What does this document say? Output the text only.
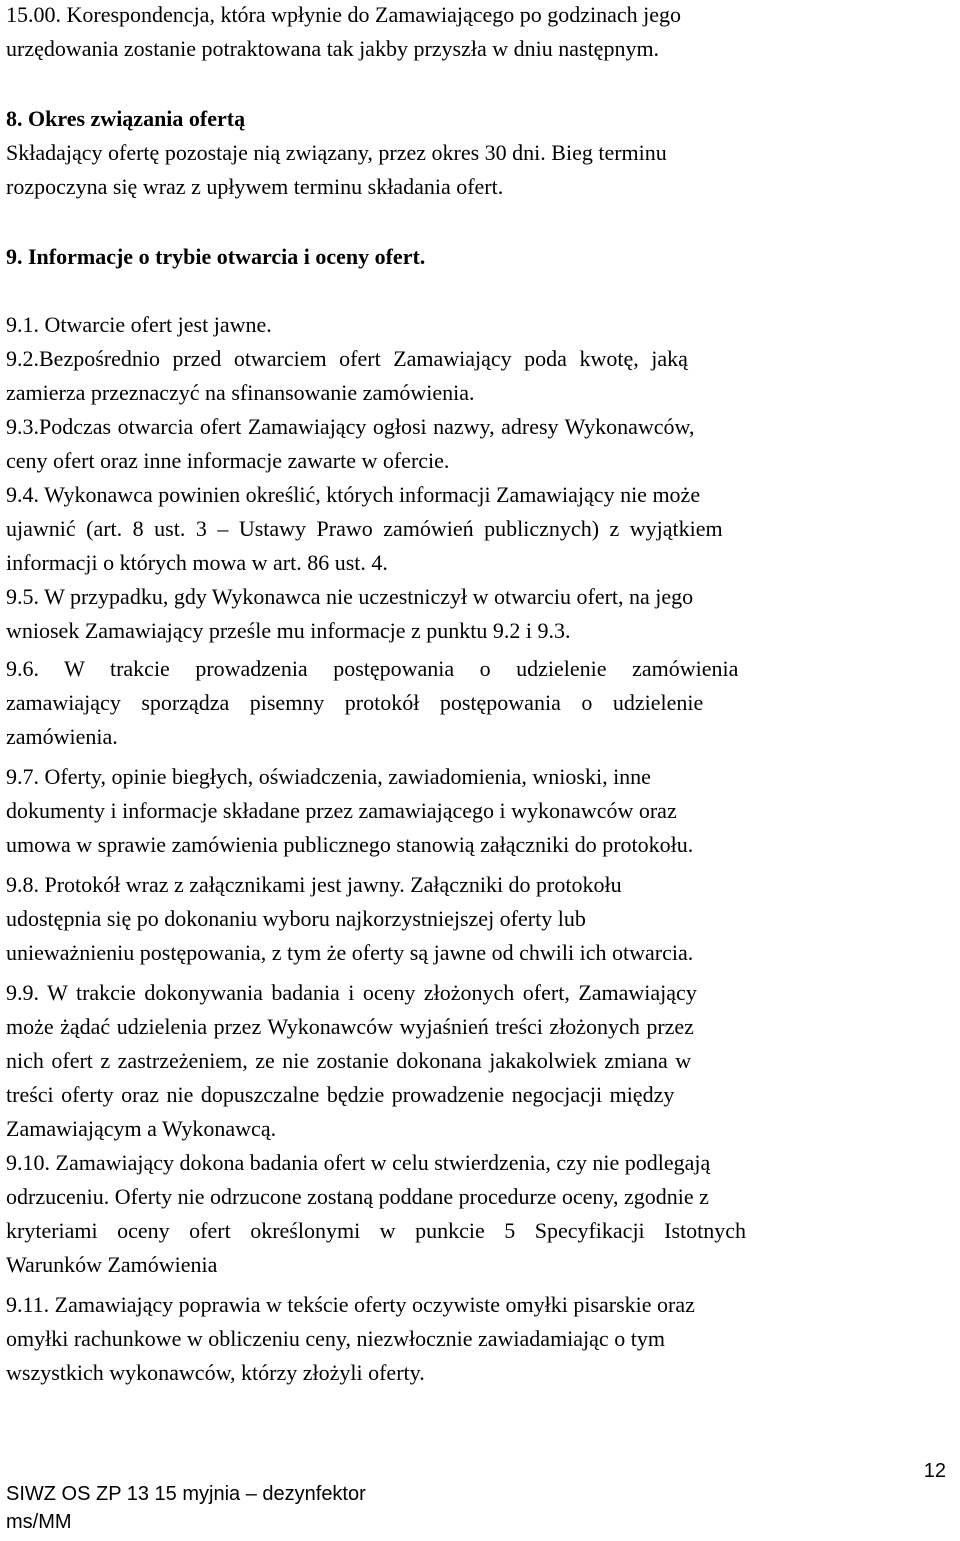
15.00. Korespondencja, która wpłynie do Zamawiającego po godzinach jego
urzędowania zostanie potraktowana tak jakby przyszła w dniu następnym.
8. Okres związania ofertą
Składający ofertę pozostaje nią związany, przez okres 30 dni. Bieg terminu
rozpoczyna się wraz z upływem terminu składania ofert.
9. Informacje o trybie otwarcia i oceny ofert.
9.1. Otwarcie ofert jest jawne.
9.2.Bezpośrednio przed otwarciem ofert Zamawiający poda kwotę, jaką
zamierza przeznaczyć na sfinansowanie zamówienia.
9.3.Podczas otwarcia ofert Zamawiający ogłosi nazwy, adresy Wykonawców,
ceny ofert oraz inne informacje zawarte w ofercie.
9.4. Wykonawca powinien określić, których informacji Zamawiający nie może
ujawnić (art. 8 ust. 3 – Ustawy Prawo zamówień publicznych) z wyjątkiem
informacji o których mowa w art. 86 ust. 4.
9.5. W przypadku, gdy Wykonawca nie uczestniczył w otwarciu ofert, na jego
wniosek Zamawiający prześle mu informacje z punktu 9.2 i 9.3.
9.6. W trakcie prowadzenia postępowania o udzielenie zamówienia
zamawiający sporządza pisemny protokół postępowania o udzielenie
zamówienia.
9.7. Oferty, opinie biegłych, oświadczenia, zawiadomienia, wnioski, inne
dokumenty i informacje składane przez zamawiającego i wykonawców oraz
umowa w sprawie zamówienia publicznego stanowią załączniki do protokołu.
9.8. Protokół wraz z załącznikami jest jawny. Załączniki do protokołu
udostępnia się po dokonaniu wyboru najkorzystniejszej oferty lub
unieważnieniu postępowania, z tym że oferty są jawne od chwili ich otwarcia.
9.9. W trakcie dokonywania badania i oceny złożonych ofert, Zamawiający
może żądać udzielenia przez Wykonawców wyjaśnień treści złożonych przez
nich ofert z zastrzeżeniem, ze nie zostanie dokonana jakakolwiek zmiana w
treści oferty oraz nie dopuszczalne będzie prowadzenie negocjacji między
Zamawiającym a Wykonawcą.
9.10. Zamawiający dokona badania ofert w celu stwierdzenia, czy nie podlegają
odrzuceniu. Oferty nie odrzucone zostaną poddane procedurze oceny, zgodnie z
kryteriami oceny ofert określonymi w punkcie 5 Specyfikacji Istotnych
Warunków Zamówienia
9.11. Zamawiający poprawia w tekście oferty oczywiste omyłki pisarskie oraz
omyłki rachunkowe w obliczeniu ceny, niezwłocznie zawiadamiając o tym
wszystkich wykonawców, którzy złożyli oferty.
12
SIWZ OS ZP 13 15 myjnia – dezynfektor
ms/MM
